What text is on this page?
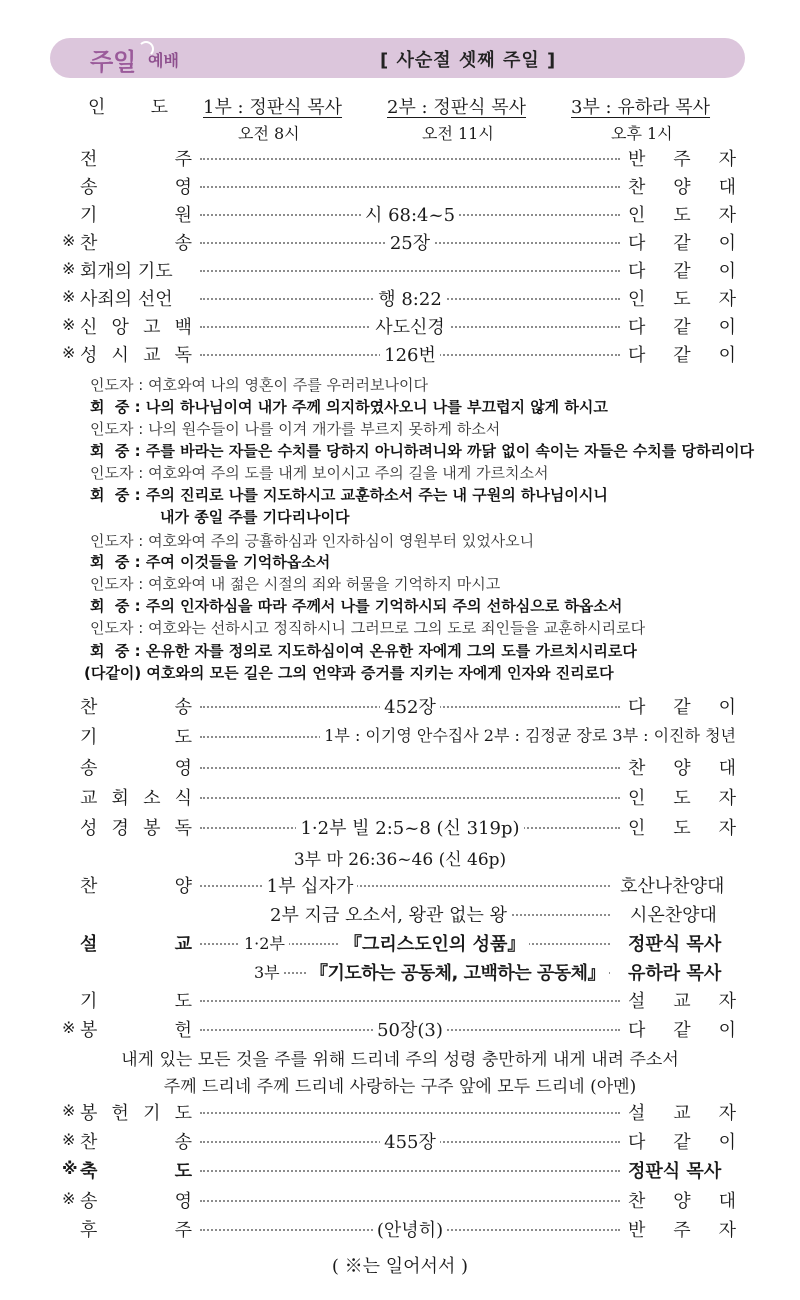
주일 예배	[ 사순절 셋째 주일 ]
인	도 1부 : 정판식 목사 2부 : 정판식 목사 3부 : 유하라 목사
오전 8시	오전 11시	오후 1시
전	주	반 주 자
송	영	찬 양 대
기	원	시 68:4~5	인 도 자
※ 찬	송	25장	다 같 이
※ 회개의 기도	다 같 이
※ 사죄의 선언	행 8:22	인 도 자
※ 신 앙 고 백	사도신경	다 같 이
※ 성 시 교 독	126번	다 같 이
인도자 : 여호와여 나의 영혼이 주를 우러러보나이다
회  중 : 나의 하나님이여 내가 주께 의지하였사오니 나를 부끄럽지 않게 하시고
인도자 : 나의 원수들이 나를 이겨 개가를 부르지 못하게 하소서
회  중 : 주를 바라는 자들은 수치를 당하지 아니하려니와 까닭 없이 속이는 자들은 수치를 당하리이다
인도자 : 여호와여 주의 도를 내게 보이시고 주의 길을 내게 가르치소서
회  중 : 주의 진리로 나를 지도하시고 교훈하소서 주는 내 구원의 하나님이시니
내가 종일 주를 기다리나이다
인도자 : 여호와여 주의 긍휼하심과 인자하심이 영원부터 있었사오니
회  중 : 주여 이것들을 기억하옵소서
인도자 : 여호와여 내 젊은 시절의 죄와 허물을 기억하지 마시고
회  중 : 주의 인자하심을 따라 주께서 나를 기억하시되 주의 선하심으로 하옵소서
인도자 : 여호와는 선하시고 정직하시니 그러므로 그의 도로 죄인들을 교훈하시리로다
회  중 : 온유한 자를 정의로 지도하심이여 온유한 자에게 그의 도를 가르치시리로다
(다같이) 여호와의 모든 길은 그의 언약과 증거를 지키는 자에게 인자와 진리로다
찬	송	452장	다 같 이
기	도	1부 : 이기영 안수집사 2부 : 김정균 장로 3부 : 이진하 청년
송	영	찬 양 대
교 회 소 식	인 도 자
성 경 봉 독	1·2부 빌 2:5~8 (신 319p)	인 도 자
3부 마 26:36~46 (신 46p)
찬	양	1부 십자가	호산나찬양대
2부 지금 오소서, 왕관 없는 왕	시온찬양대
설	교	1·2부	『그리스도인의 성품』	정판식 목사
3부 『기도하는 공동체, 고백하는 공동체』 유하라 목사
기	도	설 교 자
※ 봉	헌	50장(3)	다 같 이
내게 있는 모든 것을 주를 위해 드리네 주의 성령 충만하게 내게 내려 주소서
주께 드리네 주께 드리네 사랑하는 구주 앞에 모두 드리네 (아멘)
※ 봉 헌 기 도	설 교 자
※ 찬	송	455장	다 같 이
※ 축	도	정판식 목사
※ 송	영	찬 양 대
후	주	(안녕히)	반 주 자
( ※는 일어서서 )
